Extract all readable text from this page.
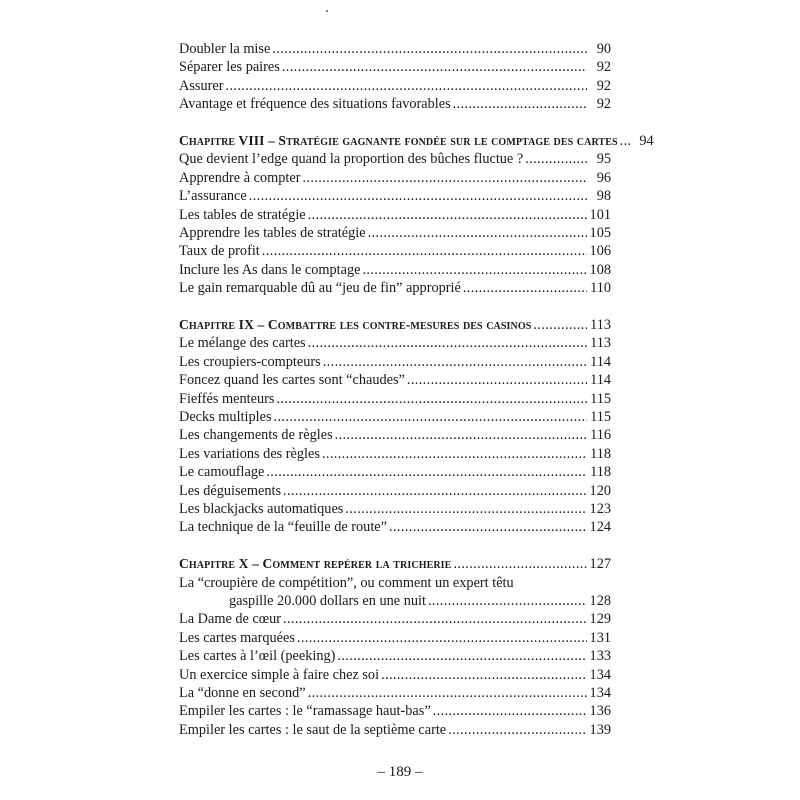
Doubler la mise . . .	90
Séparer les paires . . .	92
Assurer . . .	92
Avantage et fréquence des situations favorables . . .	92
Chapitre VIII – Stratégie gagnante fondée sur le comptage des cartes . . .	94
Que devient l’edge quand la proportion des bûches fluctue ? . . .	95
Apprendre à compter . . .	96
L’assurance . . .	98
Les tables de stratégie . . .	101
Apprendre les tables de stratégie . . .	105
Taux de profit . . .	106
Inclure les As dans le comptage . . .	108
Le gain remarquable dû au “jeu de fin” approprié . . .	110
Chapitre IX – Combattre les contre-mesures des casinos . . .	113
Le mélange des cartes . . .	113
Les croupiers-compteurs . . .	114
Foncez quand les cartes sont “chaudes” . . .	114
Fieffés menteurs . . .	115
Decks multiples . . .	115
Les changements de règles . . .	116
Les variations des règles . . .	118
Le camouflage . . .	118
Les déguisements . . .	120
Les blackjacks automatiques . . .	123
La technique de la “feuille de route” . . .	124
Chapitre X – Comment repérer la tricherie . . .	127
La “croupière de compétition”, ou comment un expert têtu
gaspille 20.000 dollars en une nuit . . .	128
La Dame de cœur . . .	129
Les cartes marquées . . .	131
Les cartes à l’œil (peeking) . . .	133
Un exercice simple à faire chez soi . . .	134
La “donne en second” . . .	134
Empiler les cartes : le “ramassage haut-bas” . . .	136
Empiler les cartes : le saut de la septième carte . . .	139
– 189 –
